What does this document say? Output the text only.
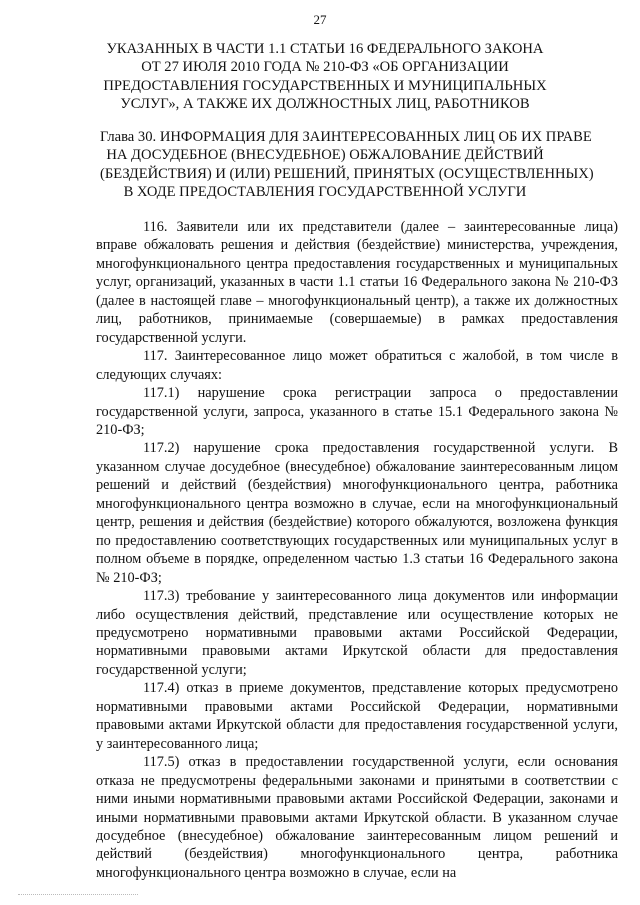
27
УКАЗАННЫХ В ЧАСТИ 1.1 СТАТЬИ 16 ФЕДЕРАЛЬНОГО ЗАКОНА
ОТ 27 ИЮЛЯ 2010 ГОДА № 210-ФЗ «ОБ ОРГАНИЗАЦИИ
ПРЕДОСТАВЛЕНИЯ ГОСУДАРСТВЕННЫХ И МУНИЦИПАЛЬНЫХ
УСЛУГ», А ТАКЖЕ ИХ ДОЛЖНОСТНЫХ ЛИЦ, РАБОТНИКОВ
Глава 30. ИНФОРМАЦИЯ ДЛЯ ЗАИНТЕРЕСОВАННЫХ ЛИЦ ОБ ИХ ПРАВЕ
НА ДОСУДЕБНОЕ (ВНЕСУДЕБНОЕ) ОБЖАЛОВАНИЕ ДЕЙСТВИЙ
(БЕЗДЕЙСТВИЯ) И (ИЛИ) РЕШЕНИЙ, ПРИНЯТЫХ (ОСУЩЕСТВЛЕННЫХ)
В ХОДЕ ПРЕДОСТАВЛЕНИЯ ГОСУДАРСТВЕННОЙ УСЛУГИ

116. Заявители или их представители (далее – заинтересованные лица) вправе обжаловать решения и действия (бездействие) министерства, учреждения, многофункционального центра предоставления государственных и муниципальных услуг, организаций, указанных в части 1.1 статьи 16 Федерального закона № 210-ФЗ (далее в настоящей главе – многофункциональный центр), а также их должностных лиц, работников, принимаемые (совершаемые) в рамках предоставления государственной услуги.

117. Заинтересованное лицо может обратиться с жалобой, в том числе в следующих случаях:

117.1) нарушение срока регистрации запроса о предоставлении государственной услуги, запроса, указанного в статье 15.1 Федерального закона № 210-ФЗ;

117.2) нарушение срока предоставления государственной услуги. В указанном случае досудебное (внесудебное) обжалование заинтересованным лицом решений и действий (бездействия) многофункционального центра, работника многофункционального центра возможно в случае, если на многофункциональный центр, решения и действия (бездействие) которого обжалуются, возложена функция по предоставлению соответствующих государственных или муниципальных услуг в полном объеме в порядке, определенном частью 1.3 статьи 16 Федерального закона № 210-ФЗ;

117.3) требование у заинтересованного лица документов или информации либо осуществления действий, представление или осуществление которых не предусмотрено нормативными правовыми актами Российской Федерации, нормативными правовыми актами Иркутской области для предоставления государственной услуги;

117.4) отказ в приеме документов, представление которых предусмотрено нормативными правовыми актами Российской Федерации, нормативными правовыми актами Иркутской области для предоставления государственной услуги, у заинтересованного лица;

117.5) отказ в предоставлении государственной услуги, если основания отказа не предусмотрены федеральными законами и принятыми в соответствии с ними иными нормативными правовыми актами Российской Федерации, законами и иными нормативными правовыми актами Иркутской области. В указанном случае досудебное (внесудебное) обжалование заинтересованным лицом решений и действий (бездействия) многофункционального центра, работника многофункционального центра возможно в случае, если на
